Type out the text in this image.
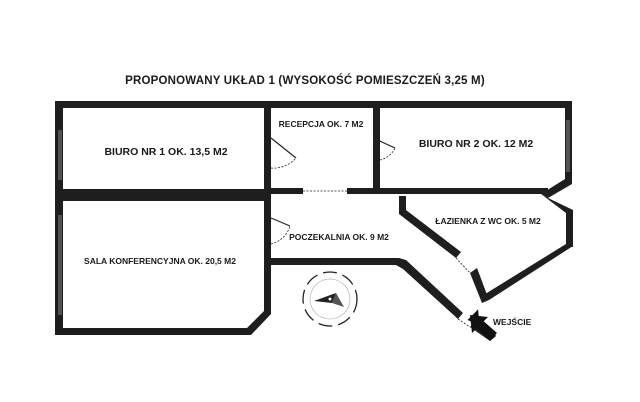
PROPONOWANY UKŁAD 1 (WYSOKOŚĆ POMIESZCZEŃ 3,25 M)
BIURO NR 1 OK. 13,5 M2
RECEPCJA OK. 7 M2
BIURO NR 2 OK. 12 M2
ŁAZIENKA Z WC OK. 5 M2
POCZEKALNIA OK. 9 M2
SALA KONFERENCYJNA OK. 20,5 M2
WEJŚCIE
